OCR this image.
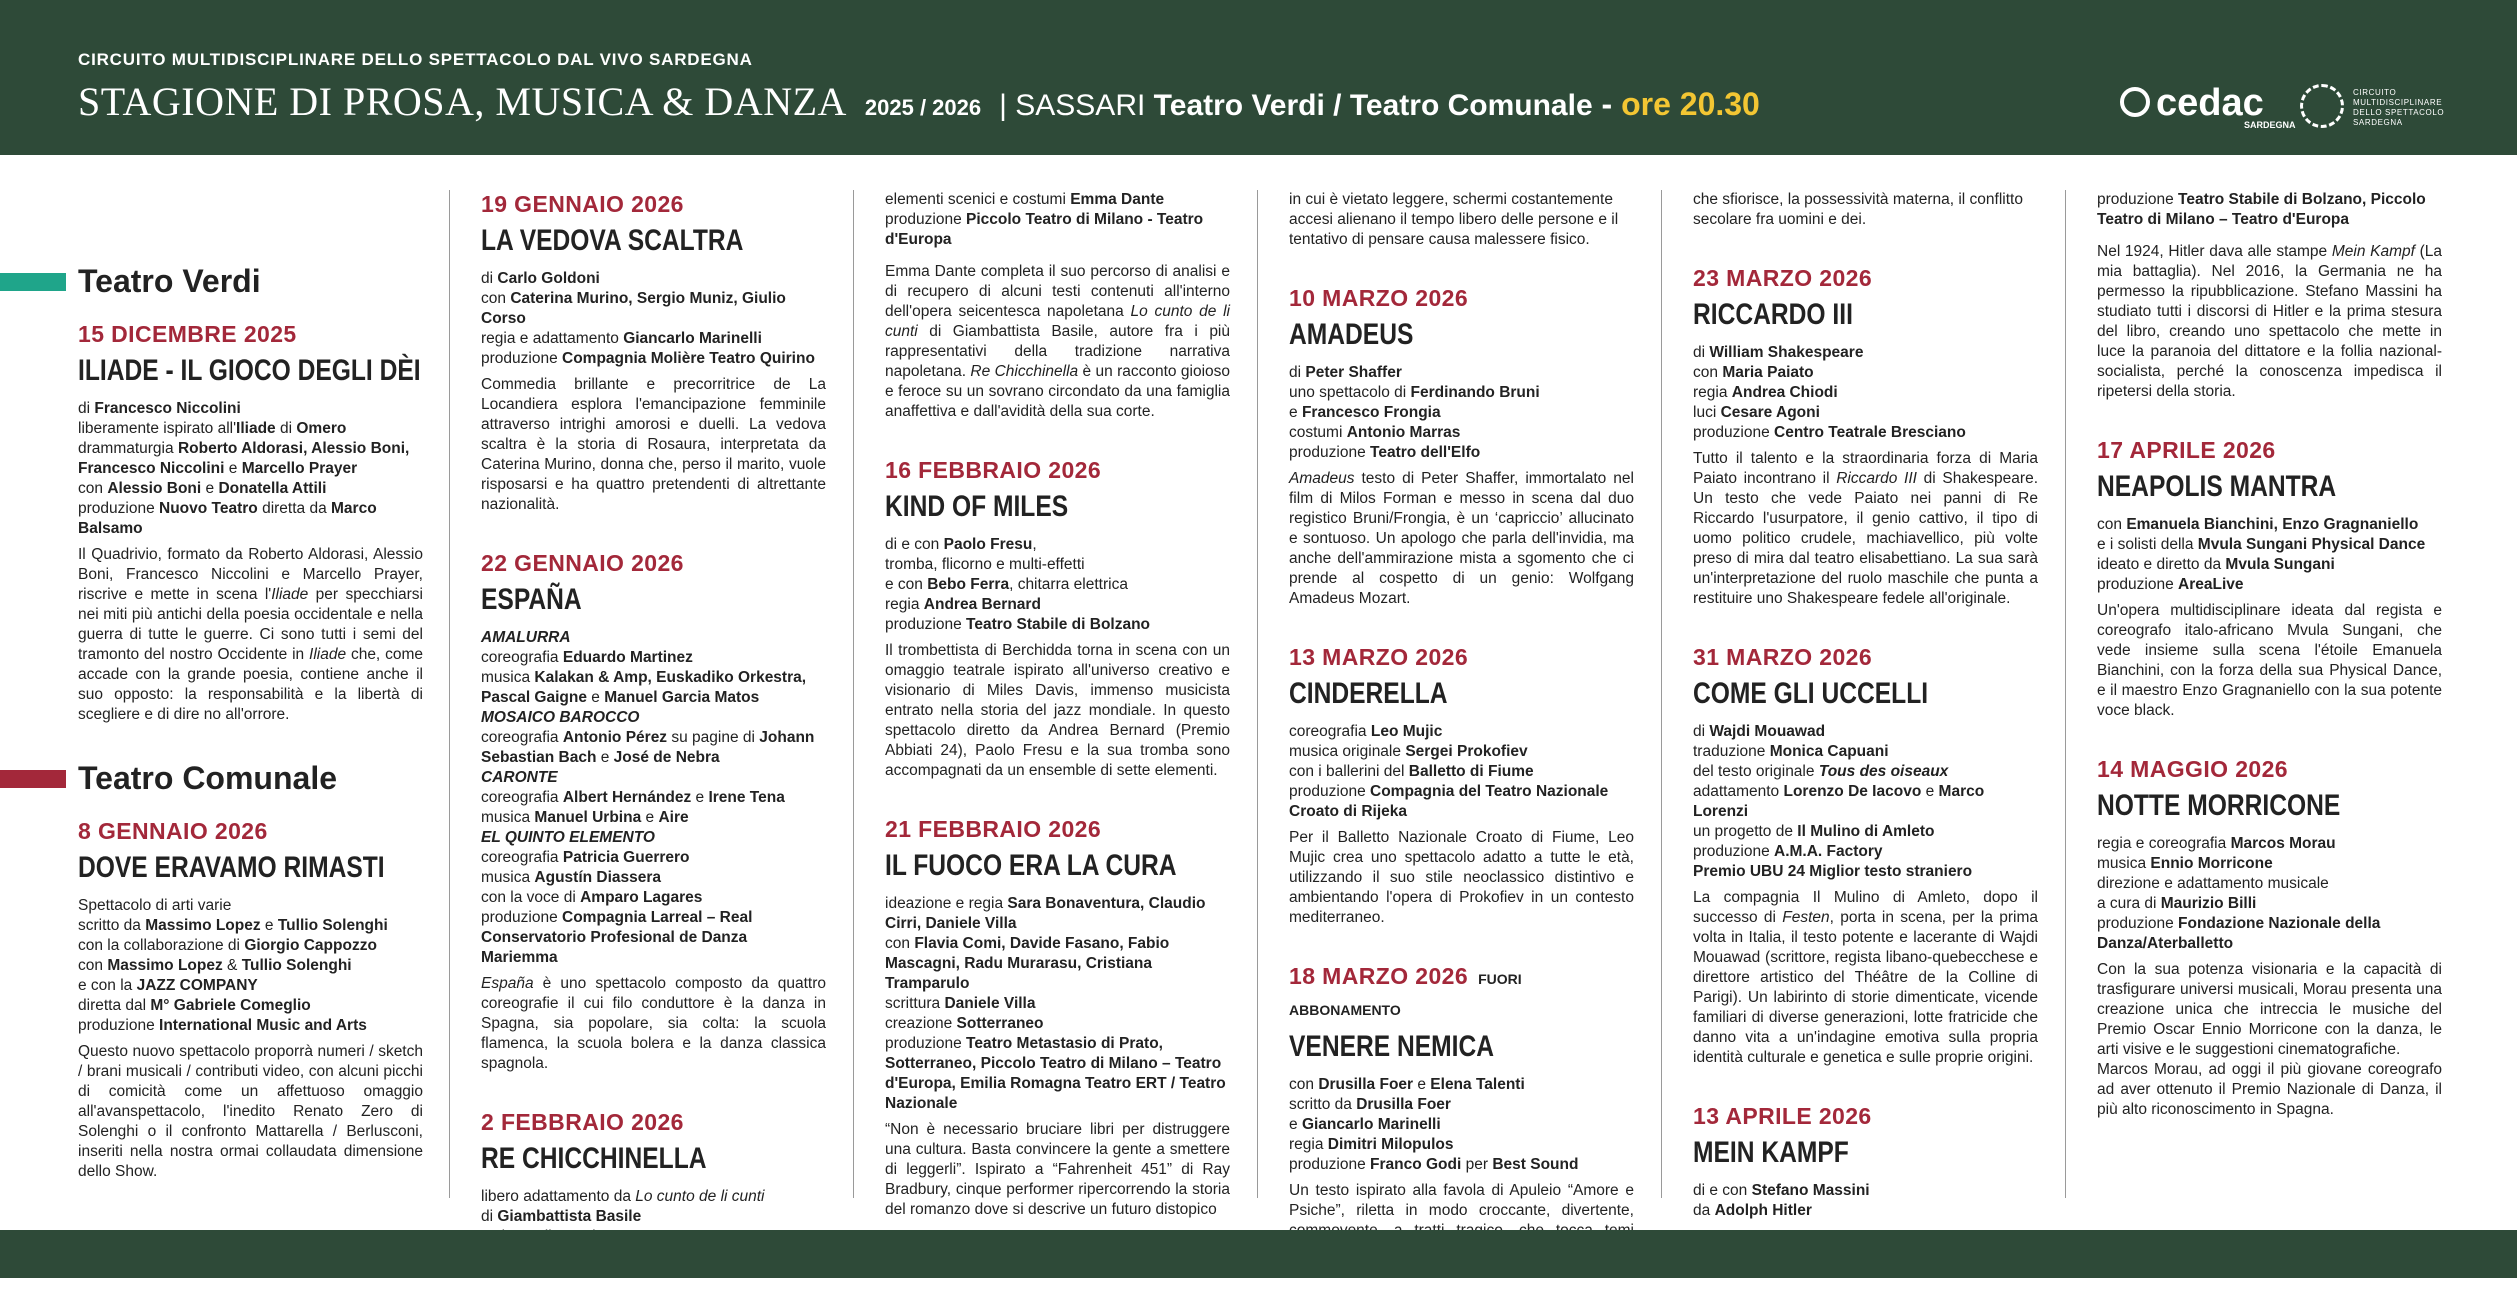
CIRCUITO MULTIDISCIPLINARE DELLO SPETTACOLO DAL VIVO SARDEGNA
STAGIONE DI PROSA, MUSICA & DANZA 2025 / 2026 | SASSARI Teatro Verdi / Teatro Comunale - ore 20.30	cedac
SARDEGNA
CIRCUITO
MULTIDISCIPLINARE
DELLO SPETTACOLO
SARDEGNA
Teatro Verdi
15 DICEMBRE 2025
ILIADE - IL GIOCO DEGLI DÈI
di Francesco Niccolini
liberamente ispirato all'Iliade di Omero
drammaturgia Roberto Aldorasi, Alessio Boni, Francesco Niccolini e Marcello Prayer
con Alessio Boni e Donatella Attili
produzione Nuovo Teatro diretta da Marco Balsamo
Il Quadrivio, formato da Roberto Aldorasi, Alessio Boni, Francesco Niccolini e Marcello Prayer, riscrive e mette in scena l'Iliade per specchiarsi nei miti più antichi della poesia occidentale e nella guerra di tutte le guerre. Ci sono tutti i semi del tramonto del nostro Occidente in Iliade che, come accade con la grande poesia, contiene anche il suo opposto: la responsabilità e la libertà di scegliere e di dire no all'orrore.
Teatro Comunale
8 GENNAIO 2026
DOVE ERAVAMO RIMASTI
Spettacolo di arti varie
scritto da Massimo Lopez e Tullio Solenghi
con la collaborazione di Giorgio Cappozzo
con Massimo Lopez & Tullio Solenghi
e con la JAZZ COMPANY
diretta dal M° Gabriele Comeglio
produzione International Music and Arts
Questo nuovo spettacolo proporrà numeri / sketch / brani musicali / contributi video, con alcuni picchi di comicità come un affettuoso omaggio all'avanspettacolo, l'inedito Renato Zero di Solenghi o il confronto Mattarella / Berlusconi, inseriti nella nostra ormai collaudata dimensione dello Show.
19 GENNAIO 2026
LA VEDOVA SCALTRA
di Carlo Goldoni
con Caterina Murino, Sergio Muniz, Giulio Corso
regia e adattamento Giancarlo Marinelli
produzione Compagnia Molière Teatro Quirino
Commedia brillante e precorritrice de La Locandiera esplora l'emancipazione femminile attraverso intrighi amorosi e duelli. La vedova scaltra è la storia di Rosaura, interpretata da Caterina Murino, donna che, perso il marito, vuole risposarsi e ha quattro pretendenti di altrettante nazionalità.
22 GENNAIO 2026
ESPAÑA
AMALURRA
coreografia Eduardo Martinez
musica Kalakan & Amp, Euskadiko Orkestra, Pascal Gaigne e Manuel Garcia Matos
MOSAICO BAROCCO
coreografia Antonio Pérez su pagine di Johann Sebastian Bach e José de Nebra
CARONTE
coreografia Albert Hernández e Irene Tena
musica Manuel Urbina e Aire
EL QUINTO ELEMENTO
coreografia Patricia Guerrero
musica Agustín Diassera
con la voce di Amparo Lagares
produzione Compagnia Larreal – Real Conservatorio Profesional de Danza Mariemma
España è uno spettacolo composto da quattro coreografie il cui filo conduttore è la danza in Spagna, sia popolare, sia colta: la scuola flamenca, la scuola bolera e la danza classica spagnola.
2 FEBBRAIO 2026
RE CHICCHINELLA
libero adattamento da Lo cunto de li cunti
di Giambattista Basile

elementi scenici e costumi Emma Dante
produzione Piccolo Teatro di Milano - Teatro d'Europa
Emma Dante completa il suo percorso di analisi e di recupero di alcuni testi contenuti all'interno dell'opera seicentesca napoletana Lo cunto de li cunti di Giambattista Basile, autore fra i più rappresentativi della tradizione narrativa napoletana. Re Chicchinella è un racconto gioioso e feroce su un sovrano circondato da una famiglia anaffettiva e dall'avidità della sua corte.
16 FEBBRAIO 2026
KIND OF MILES
di e con Paolo Fresu,
tromba, flicorno e multi-effetti
e con Bebo Ferra, chitarra elettrica
regia Andrea Bernard
produzione Teatro Stabile di Bolzano
Il trombettista di Berchidda torna in scena con un omaggio teatrale ispirato all'universo creativo e visionario di Miles Davis, immenso musicista entrato nella storia del jazz mondiale. In questo spettacolo diretto da Andrea Bernard (Premio Abbiati 24), Paolo Fresu e la sua tromba sono accompagnati da un ensemble di sette elementi.
21 FEBBRAIO 2026
IL FUOCO ERA LA CURA
ideazione e regia Sara Bonaventura, Claudio Cirri, Daniele Villa
con Flavia Comi, Davide Fasano, Fabio Mascagni, Radu Murarasu, Cristiana Tramparulo
scrittura Daniele Villa
creazione Sotterraneo
produzione Teatro Metastasio di Prato, Sotterraneo, Piccolo Teatro di Milano – Teatro d'Europa, Emilia Romagna Teatro ERT / Teatro Nazionale
“Non è necessario bruciare libri per distruggere una cultura. Basta convincere la gente a smettere di leggerli”. Ispirato a “Fahrenheit 451” di Ray Bradbury, cinque performer ripercorrendo la storia del romanzo dove si descrive un futuro distopico
in cui è vietato leggere, schermi costantemente accesi alienano il tempo libero delle persone e il tentativo di pensare causa malessere fisico.
10 MARZO 2026
AMADEUS
di Peter Shaffer
uno spettacolo di Ferdinando Bruni
e Francesco Frongia
costumi Antonio Marras
produzione Teatro dell'Elfo
Amadeus testo di Peter Shaffer, immortalato nel film di Milos Forman e messo in scena dal duo registico Bruni/Frongia, è un ‘capriccio’ allucinato e sontuoso. Un apologo che parla dell'invidia, ma anche dell'ammirazione mista a sgomento che ci prende al cospetto di un genio: Wolfgang Amadeus Mozart.
13 MARZO 2026
CINDERELLA
coreografia Leo Mujic
musica originale Sergei Prokofiev
con i ballerini del Balletto di Fiume
produzione Compagnia del Teatro Nazionale Croato di Rijeka
Per il Balletto Nazionale Croato di Fiume, Leo Mujic crea uno spettacolo adatto a tutte le età, utilizzando il suo stile neoclassico distintivo e ambientando l'opera di Prokofiev in un contesto mediterraneo.
18 MARZO 2026 FUORI ABBONAMENTO
VENERE NEMICA
con Drusilla Foer e Elena Talenti
scritto da Drusilla Foer
e Giancarlo Marinelli
regia Dimitri Milopulos
produzione Franco Godi per Best Sound
Un testo ispirato alla favola di Apuleio “Amore e Psiche”, riletta in modo croccante, divertente,
che sfiorisce, la possessività materna, il conflitto secolare fra uomini e dei.
23 MARZO 2026
RICCARDO III
di William Shakespeare
con Maria Paiato
regia Andrea Chiodi
luci Cesare Agoni
produzione Centro Teatrale Bresciano
Tutto il talento e la straordinaria forza di Maria Paiato incontrano il Riccardo III di Shakespeare. Un testo che vede Paiato nei panni di Re Riccardo l'usurpatore, il genio cattivo, il tipo di uomo politico crudele, machiavellico, più volte preso di mira dal teatro elisabettiano. La sua sarà un'interpretazione del ruolo maschile che punta a restituire uno Shakespeare fedele all'originale.
31 MARZO 2026
COME GLI UCCELLI
di Wajdi Mouawad
traduzione Monica Capuani
del testo originale Tous des oiseaux
adattamento Lorenzo De Iacovo e Marco Lorenzi
un progetto de Il Mulino di Amleto
produzione A.M.A. Factory
Premio UBU 24 Miglior testo straniero
La compagnia Il Mulino di Amleto, dopo il successo di Festen, porta in scena, per la prima volta in Italia, il testo potente e lacerante di Wajdi Mouawad (scrittore, regista libano-quebecchese e direttore artistico del Théâtre de la Colline di Parigi). Un labirinto di storie dimenticate, vicende familiari di diverse generazioni, lotte fratricide che danno vita a un'indagine emotiva sulla propria identità culturale e genetica e sulle proprie origini.
13 APRILE 2026
MEIN KAMPF
di e con Stefano Massini
da Adolph Hitler
produzione Teatro Stabile di Bolzano, Piccolo Teatro di Milano – Teatro d'Europa
Nel 1924, Hitler dava alle stampe Mein Kampf (La mia battaglia). Nel 2016, la Germania ne ha permesso la ripubblicazione. Stefano Massini ha studiato tutti i discorsi di Hitler e la prima stesura del libro, creando uno spettacolo che mette in luce la paranoia del dittatore e la follia nazional-socialista, perché la conoscenza impedisca il ripetersi della storia.
17 APRILE 2026
NEAPOLIS MANTRA
con Emanuela Bianchini, Enzo Gragnaniello
e i solisti della Mvula Sungani Physical Dance
ideato e diretto da Mvula Sungani
produzione AreaLive
Un'opera multidisciplinare ideata dal regista e coreografo italo-africano Mvula Sungani, che vede insieme sulla scena l'étoile Emanuela Bianchini, con la forza della sua Physical Dance, e il maestro Enzo Gragnaniello con la sua potente voce black.
14 MAGGIO 2026
NOTTE MORRICONE
regia e coreografia Marcos Morau
musica Ennio Morricone
direzione e adattamento musicale
a cura di Maurizio Billi
produzione Fondazione Nazionale della Danza/Aterballetto
Con la sua potenza visionaria e la capacità di trasfigurare universi musicali, Morau presenta una creazione unica che intreccia le musiche del Premio Oscar Ennio Morricone con la danza, le arti visive e le suggestioni cinematografiche.
Marcos Morau, ad oggi il più giovane coreografo ad aver ottenuto il Premio Nazionale di Danza, il più alto riconoscimento in Spagna.
